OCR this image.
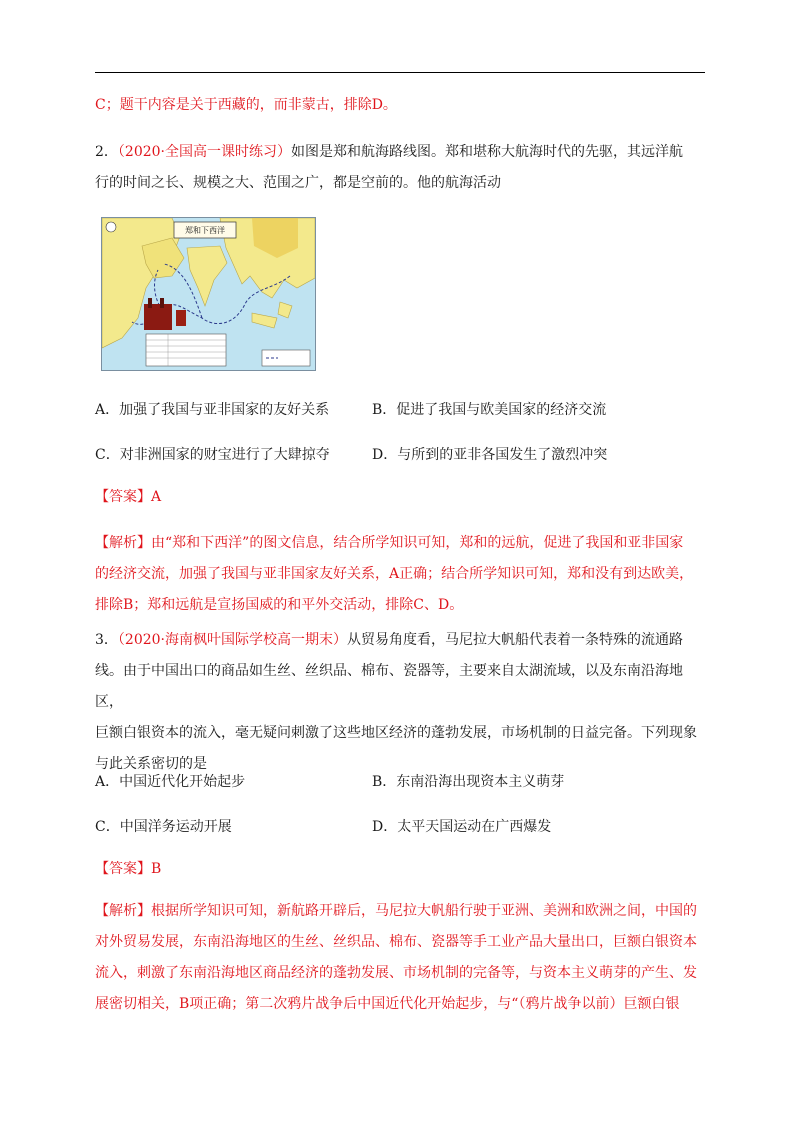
C；题干内容是关于西藏的，而非蒙古，排除D。

2．（2020·全国高一课时练习）如图是郑和航海路线图。郑和堪称大航海时代的先驱，其远洋航
行的时间之长、规模之大、范围之广，都是空前的。他的航海活动

郑和下西洋
A．加强了我国与亚非国家的友好关系	B．促进了我国与欧美国家的经济交流
C．对非洲国家的财宝进行了大肆掠夺	D．与所到的亚非各国发生了激烈冲突

【答案】A

【解析】由“郑和下西洋”的图文信息，结合所学知识可知，郑和的远航，促进了我国和亚非国家
的经济交流，加强了我国与亚非国家友好关系，A正确；结合所学知识可知，郑和没有到达欧美，
排除B；郑和远航是宣扬国威的和平外交活动，排除C、D。

3．（2020·海南枫叶国际学校高一期末）从贸易角度看，马尼拉大帆船代表着一条特殊的流通路
线。由于中国出口的商品如生丝、丝织品、棉布、瓷器等，主要来自太湖流域，以及东南沿海地区，
巨额白银资本的流入，毫无疑问刺激了这些地区经济的蓬勃发展，市场机制的日益完备。下列现象
与此关系密切的是

A．中国近代化开始起步	B．东南沿海出现资本主义萌芽
C．中国洋务运动开展	D．太平天国运动在广西爆发

【答案】B

【解析】根据所学知识可知，新航路开辟后，马尼拉大帆船行驶于亚洲、美洲和欧洲之间，中国的
对外贸易发展，东南沿海地区的生丝、丝织品、棉布、瓷器等手工业产品大量出口，巨额白银资本
流入，刺激了东南沿海地区商品经济的蓬勃发展、市场机制的完备等，与资本主义萌芽的产生、发
展密切相关，B项正确；第二次鸦片战争后中国近代化开始起步，与“（鸦片战争以前）巨额白银
